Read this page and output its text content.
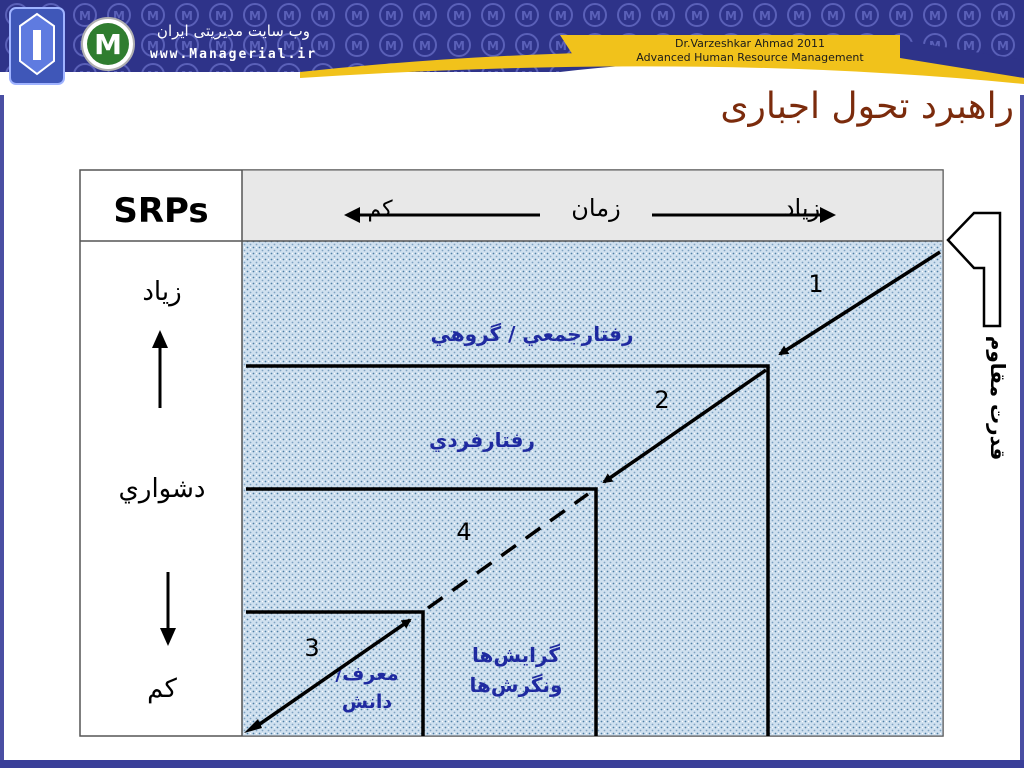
M	وب سایت مدیریتی ایران
www.Managerial.ir
Dr.Varzeshkar Ahmad 2011
Advanced Human Resource Management
راهبرد تحول اجباری
SRPs	کم	زمان	زیاد
زیاد
دشواري
کم
رفتارجمعي / گروهي
رفتارفردي
گرايش‌ها ونگرش‌ها
معرف/ دانش
1
2
3
4
قدرت مقاوم
